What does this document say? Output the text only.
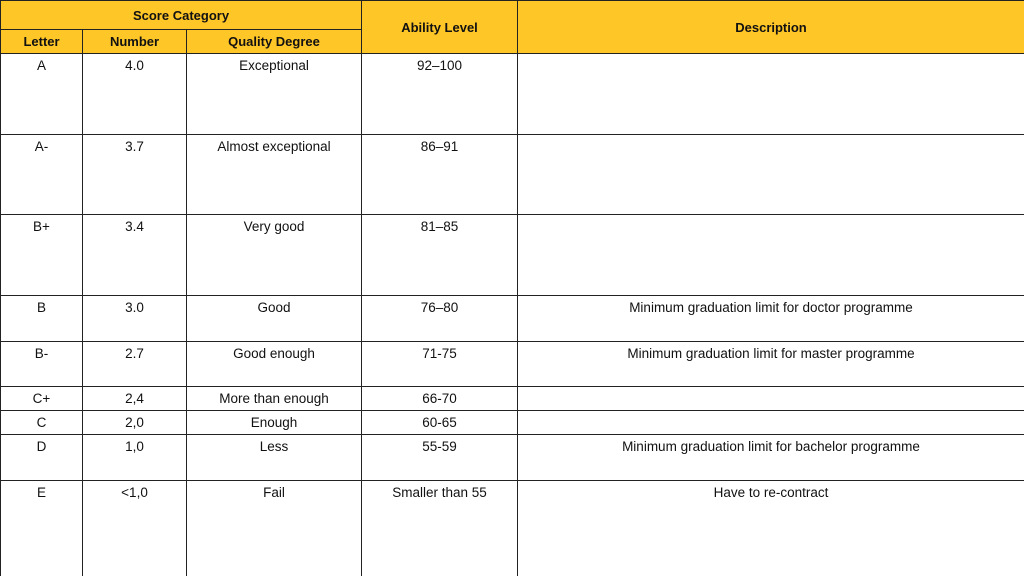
Score Category			Ability Level	Description
Letter	Number	Quality Degree		
A	4.0	Exceptional	92–100	
A-	3.7	Almost exceptional	86–91	
B+	3.4	Very good	81–85	
B	3.0	Good	76–80	Minimum graduation limit for doctor programme
B-	2.7	Good enough	71-75	Minimum graduation limit for master programme
C+	2,4	More than enough	66-70	
C	2,0	Enough	60-65	
D	1,0	Less	55-59	Minimum graduation limit for bachelor programme
E	<1,0	Fail	Smaller than 55	Have to re-contract
